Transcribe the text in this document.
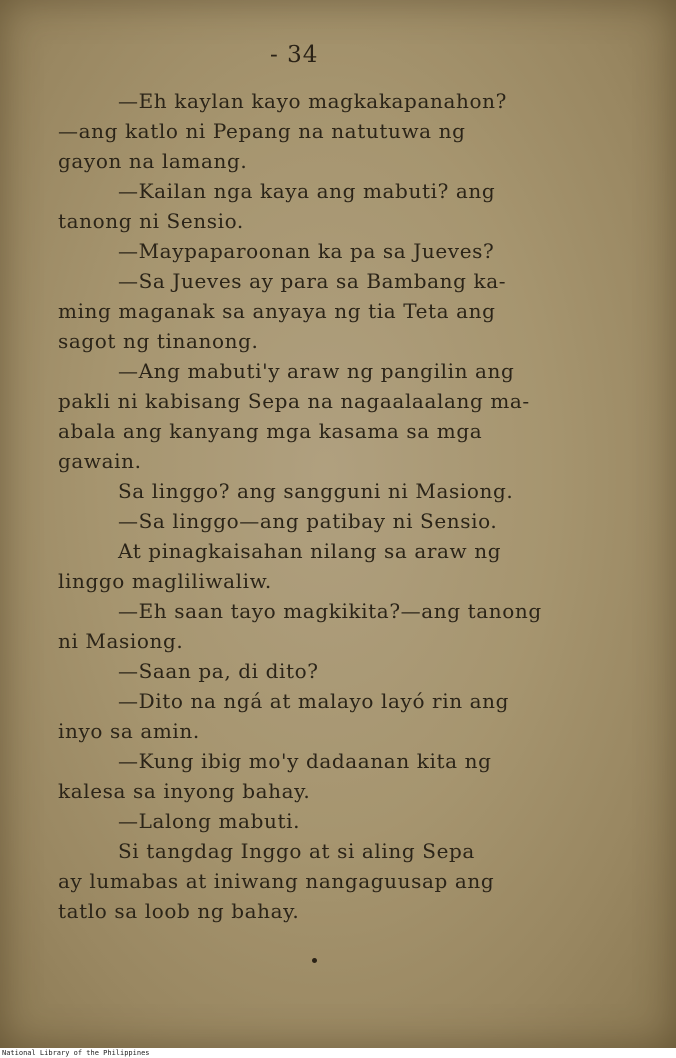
- 34
—Eh kaylan kayo magkakapanahon?
—ang katlo ni Pepang na natutuwa ng
gayon na lamang.
—Kailan nga kaya ang mabuti? ang
tanong ni Sensio.
—Maypaparoonan ka pa sa Jueves?
—Sa Jueves ay para sa Bambang ka-
ming maganak sa anyaya ng tia Teta ang
sagot ng tinanong.
—Ang mabuti'y araw ng pangilin ang
pakli ni kabisang Sepa na nagaalaalang ma-
abala ang kanyang mga kasama sa mga
gawain.
Sa linggo? ang sangguni ni Masiong.
—Sa linggo—ang patibay ni Sensio.
At pinagkaisahan nilang sa araw ng
linggo magliliwaliw.
—Eh saan tayo magkikita?—ang tanong
ni Masiong.
—Saan pa, di dito?
—Dito na ngá at malayo layó rin ang
inyo sa amin.
—Kung ibig mo'y dadaanan kita ng
kalesa sa inyong bahay.
—Lalong mabuti.
Si tangdag Inggo at si aling Sepa
ay lumabas at iniwang nangaguusap ang
tatlo sa loob ng bahay.
National Library of the Philippines
